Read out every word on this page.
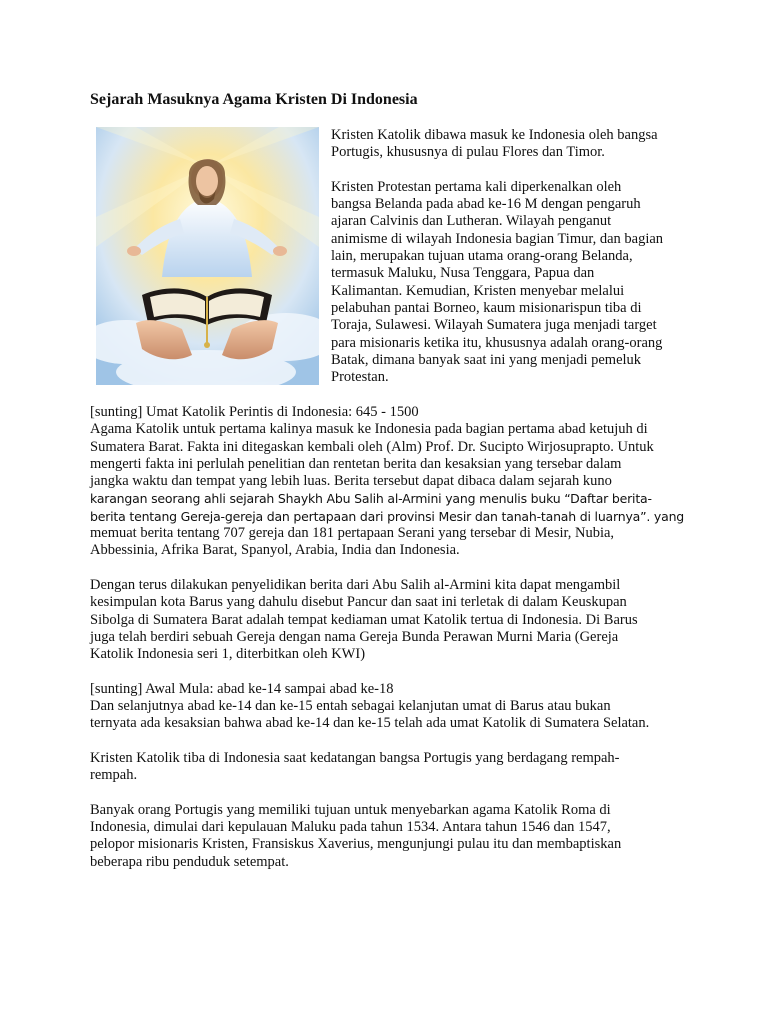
Sejarah Masuknya Agama Kristen Di Indonesia

Kristen Katolik dibawa masuk ke Indonesia oleh bangsa
Portugis, khususnya di pulau Flores dan Timor.

Kristen Protestan pertama kali diperkenalkan oleh
bangsa Belanda pada abad ke-16 M dengan pengaruh
ajaran Calvinis dan Lutheran. Wilayah penganut
animisme di wilayah Indonesia bagian Timur, dan bagian
lain, merupakan tujuan utama orang-orang Belanda,
termasuk Maluku, Nusa Tenggara, Papua dan
Kalimantan. Kemudian, Kristen menyebar melalui
pelabuhan pantai Borneo, kaum misionarispun tiba di
Toraja, Sulawesi. Wilayah Sumatera juga menjadi target
para misionaris ketika itu, khususnya adalah orang-orang
Batak, dimana banyak saat ini yang menjadi pemeluk
Protestan.

[sunting] Umat Katolik Perintis di Indonesia: 645 - 1500
Agama Katolik untuk pertama kalinya masuk ke Indonesia pada bagian pertama abad ketujuh di
Sumatera Barat. Fakta ini ditegaskan kembali oleh (Alm) Prof. Dr. Sucipto Wirjosuprapto. Untuk
mengerti fakta ini perlulah penelitian dan rentetan berita dan kesaksian yang tersebar dalam
jangka waktu dan tempat yang lebih luas. Berita tersebut dapat dibaca dalam sejarah kuno
karangan seorang ahli sejarah Shaykh Abu Salih al-Armini yang menulis buku “Daftar berita-
berita tentang Gereja-gereja dan pertapaan dari provinsi Mesir dan tanah-tanah di luarnya”. yang
memuat berita tentang 707 gereja dan 181 pertapaan Serani yang tersebar di Mesir, Nubia,
Abbessinia, Afrika Barat, Spanyol, Arabia, India dan Indonesia.

Dengan terus dilakukan penyelidikan berita dari Abu Salih al-Armini kita dapat mengambil
kesimpulan kota Barus yang dahulu disebut Pancur dan saat ini terletak di dalam Keuskupan
Sibolga di Sumatera Barat adalah tempat kediaman umat Katolik tertua di Indonesia. Di Barus
juga telah berdiri sebuah Gereja dengan nama Gereja Bunda Perawan Murni Maria (Gereja
Katolik Indonesia seri 1, diterbitkan oleh KWI)

[sunting] Awal Mula: abad ke-14 sampai abad ke-18
Dan selanjutnya abad ke-14 dan ke-15 entah sebagai kelanjutan umat di Barus atau bukan
ternyata ada kesaksian bahwa abad ke-14 dan ke-15 telah ada umat Katolik di Sumatera Selatan.

Kristen Katolik tiba di Indonesia saat kedatangan bangsa Portugis yang berdagang rempah-
rempah.

Banyak orang Portugis yang memiliki tujuan untuk menyebarkan agama Katolik Roma di
Indonesia, dimulai dari kepulauan Maluku pada tahun 1534. Antara tahun 1546 dan 1547,
pelopor misionaris Kristen, Fransiskus Xaverius, mengunjungi pulau itu dan membaptiskan
beberapa ribu penduduk setempat.
